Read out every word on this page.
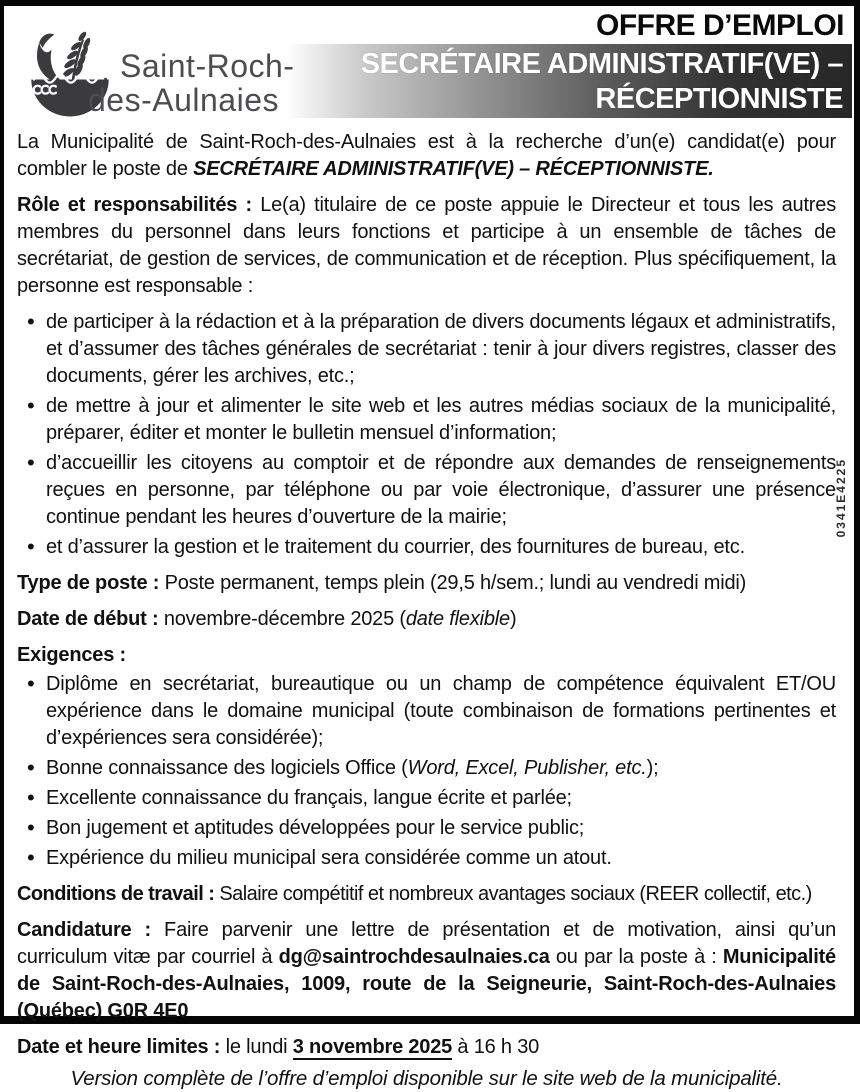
OFFRE D’EMPLOI
SECRÉTAIRE ADMINISTRATIF(VE) –
RÉCEPTIONNISTE
Saint-Roch-
des-Aulnaies

La Municipalité de Saint-Roch-des-Aulnaies est à la recherche d’un(e) candidat(e) pour combler le poste de SECRÉTAIRE ADMINISTRATIF(VE) – RÉCEPTIONNISTE.

Rôle et responsabilités : Le(a) titulaire de ce poste appuie le Directeur et tous les autres membres du personnel dans leurs fonctions et participe à un ensemble de tâches de secrétariat, de gestion de services, de communication et de réception. Plus spécifiquement, la personne est responsable :

• de participer à la rédaction et à la préparation de divers documents légaux et administratifs, et d’assumer des tâches générales de secrétariat : tenir à jour divers registres, classer des documents, gérer les archives, etc.;
• de mettre à jour et alimenter le site web et les autres médias sociaux de la municipalité, préparer, éditer et monter le bulletin mensuel d’information;
• d’accueillir les citoyens au comptoir et de répondre aux demandes de renseignements reçues en personne, par téléphone ou par voie électronique, d’assurer une présence continue pendant les heures d’ouverture de la mairie;
• et d’assurer la gestion et le traitement du courrier, des fournitures de bureau, etc.

Type de poste : Poste permanent, temps plein (29,5 h/sem.; lundi au vendredi midi)

Date de début : novembre-décembre 2025 (date flexible)

Exigences :

• Diplôme en secrétariat, bureautique ou un champ de compétence équivalent ET/OU expérience dans le domaine municipal (toute combinaison de formations pertinentes et d’expériences sera considérée);
• Bonne connaissance des logiciels Office (Word, Excel, Publisher, etc.);
• Excellente connaissance du français, langue écrite et parlée;
• Bon jugement et aptitudes développées pour le service public;
• Expérience du milieu municipal sera considérée comme un atout.

Conditions de travail : Salaire compétitif et nombreux avantages sociaux (REER collectif, etc.)

Candidature : Faire parvenir une lettre de présentation et de motivation, ainsi qu’un curriculum vitæ par courriel à dg@saintrochdesaulnaies.ca ou par la poste à : Municipalité de Saint-Roch-des-Aulnaies, 1009, route de la Seigneurie, Saint-Roch-des-Aulnaies (Québec) G0R 4E0

Date et heure limites : le lundi 3 novembre 2025 à 16 h 30

Version complète de l’offre d’emploi disponible sur le site web de la municipalité.
0341E4225
